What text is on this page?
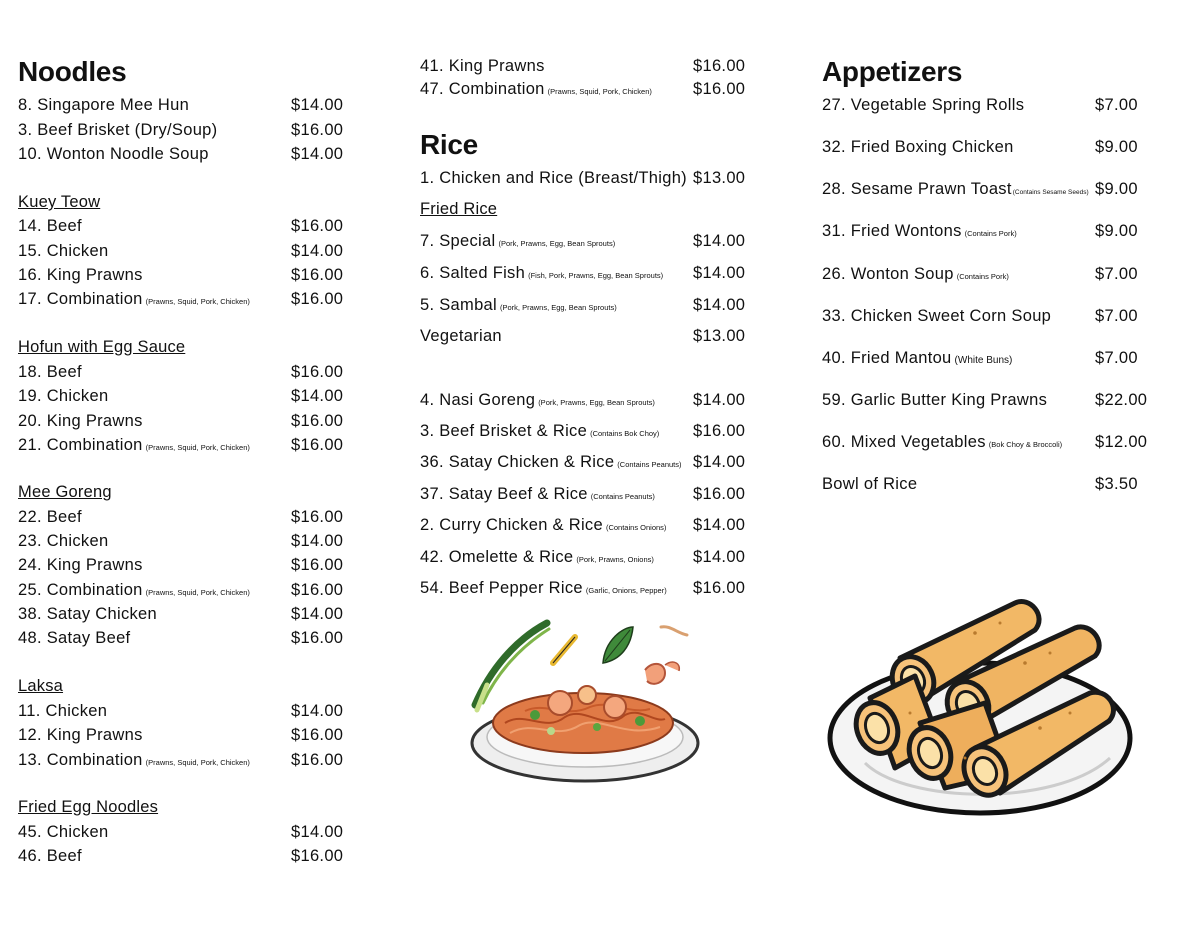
Noodles
8. Singapore Mee Hun	$14.00
3. Beef Brisket (Dry/Soup)	$16.00
10. Wonton Noodle Soup	$14.00
Kuey Teow
14. Beef	$16.00
15. Chicken	$14.00
16. King Prawns	$16.00
17. Combination (Prawns, Squid, Pork, Chicken) $16.00
Hofun with Egg Sauce
18. Beef	$16.00
19. Chicken	$14.00
20. King Prawns	$16.00
21. Combination (Prawns, Squid, Pork, Chicken) $16.00
Mee Goreng
22. Beef	$16.00
23. Chicken	$14.00
24. King Prawns	$16.00
25. Combination (Prawns, Squid, Pork, Chicken) $16.00
38. Satay Chicken	$14.00
48. Satay Beef	$16.00
Laksa
11. Chicken	$14.00
12. King Prawns	$16.00
13. Combination (Prawns, Squid, Pork, Chicken) $16.00
Fried Egg Noodles
45. Chicken	$14.00
46. Beef	$16.00
41. King Prawns	$16.00
47. Combination (Prawns, Squid, Pork, Chicken) $16.00
Rice
1. Chicken and Rice (Breast/Thigh) $13.00
Fried Rice
7. Special (Pork, Prawns, Egg, Bean Sprouts)	$14.00
6. Salted Fish (Fish, Pork, Prawns, Egg, Bean Sprouts) $14.00
5. Sambal (Pork, Prawns, Egg, Bean Sprouts)	$14.00
Vegetarian	$13.00
4. Nasi Goreng (Pork, Prawns, Egg, Bean Sprouts) $14.00
3. Beef Brisket & Rice (Contains Bok Choy) $16.00
36. Satay Chicken & Rice (Contains Peanuts) $14.00
37. Satay Beef & Rice (Contains Peanuts) $16.00
2. Curry Chicken & Rice (Contains Onions) $14.00
42. Omelette & Rice (Pork, Prawns, Onions) $14.00
54. Beef Pepper Rice (Garlic, Onions, Pepper) $16.00
Appetizers
27. Vegetable Spring Rolls	$7.00
32. Fried Boxing Chicken	$9.00
28. Sesame Prawn Toast(Contains Sesame Seeds) $9.00
31. Fried Wontons (Contains Pork)	$9.00
26. Wonton Soup (Contains Pork)	$7.00
33. Chicken Sweet Corn Soup	$7.00
40. Fried Mantou (White Buns)	$7.00
59. Garlic Butter King Prawns	$22.00
60. Mixed Vegetables (Bok Choy & Broccoli) $12.00
Bowl of Rice	$3.50
